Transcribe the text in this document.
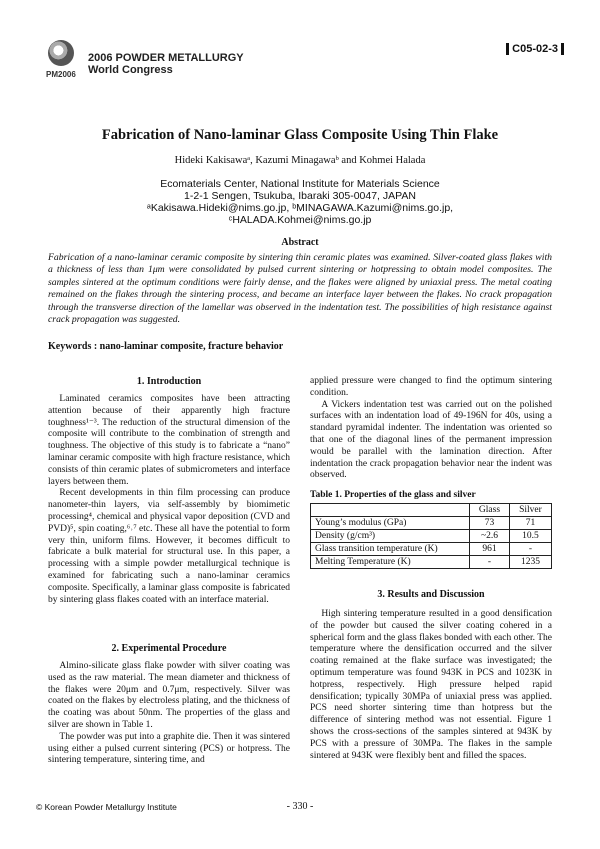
PM2006
2006 POWDER METALLURGY
World Congress
C05-02-3
Fabrication of Nano-laminar Glass Composite Using Thin Flake
Hideki Kakisawaᵃ, Kazumi Minagawaᵇ and Kohmei Halada
Ecomaterials Center, National Institute for Materials Science
1-2-1 Sengen, Tsukuba, Ibaraki 305-0047, JAPAN
ᵃKakisawa.Hideki@nims.go.jp, ᵇMINAGAWA.Kazumi@nims.go.jp,
ᶜHALADA.Kohmei@nims.go.jp
Abstract
Fabrication of a nano-laminar ceramic composite by sintering thin ceramic plates was examined. Silver-coated glass flakes with a thickness of less than 1μm were consolidated by pulsed current sintering or hotpressing to obtain model composites. The samples sintered at the optimum conditions were fairly dense, and the flakes were aligned by uniaxial press. The metal coating remained on the flakes through the sintering process, and became an interface layer between the flakes. No crack propagation through the transverse direction of the lamellar was observed in the indentation test. The possibilities of high resistance against crack propagation was suggested.
Keywords : nano-laminar composite, fracture behavior
1. Introduction

Laminated ceramics composites have been attracting attention because of their apparently high fracture toughness¹⁻³. The reduction of the structural dimension of the composite will contribute to the combination of strength and toughness. The objective of this study is to fabricate a “nano” laminar ceramic composite with high fracture resistance, which consists of thin ceramic plates of submicrometers and interface layers between them.

Recent developments in thin film processing can produce nanometer-thin layers, via self-assembly by biomimetic processing⁴, chemical and physical vapor deposition (CVD and PVD)⁵, spin coating,⁶˒⁷ etc. These all have the potential to form very thin, uniform films. However, it becomes difficult to fabricate a bulk material for structural use. In this paper, a processing with a simple powder metallurgical technique is examined for fabricating such a nano-laminar ceramics composite. Specifically, a laminar glass composite is fabricated by sintering glass flakes coated with an interface material.

2. Experimental Procedure

Almino-silicate glass flake powder with silver coating was used as the raw material. The mean diameter and thickness of the flakes were 20μm and 0.7μm, respectively. Silver was coated on the flakes by electroless plating, and the thickness of the coating was about 50nm. The properties of the glass and silver are shown in Table 1.

The powder was put into a graphite die. Then it was sintered using either a pulsed current sintering (PCS) or hotpress. The sintering temperature, sintering time, and

applied pressure were changed to find the optimum sintering condition.

A Vickers indentation test was carried out on the polished surfaces with an indentation load of 49-196N for 40s, using a standard pyramidal indenter. The indentation was oriented so that one of the diagonal lines of the permanent impression would be parallel with the lamination direction. After indentation the crack propagation behavior near the indent was observed.

Table 1. Properties of the glass and silver
	Glass	Silver
Young’s modulus (GPa)	73	71
Density (g/cm³)	~2.6	10.5
Glass transition temperature (K)	961	-
Melting Temperature (K)	-	1235
3. Results and Discussion

High sintering temperature resulted in a good densification of the powder but caused the silver coating cohered in a spherical form and the glass flakes bonded with each other. The temperature where the densification occurred and the silver coating remained at the flake surface was investigated; the optimum temperature was found 943K in PCS and 1023K in hotpress, respectively. High pressure helped rapid densification; typically 30MPa of uniaxial press was applied. PCS need shorter sintering time than hotpress but the difference of sintering method was not essential. Figure 1 shows the cross-sections of the samples sintered at 943K by PCS with a pressure of 30MPa. The flakes in the sample sintered at 943K were flexibly bent and filled the spaces.

© Korean Powder Metallurgy Institute	- 330 -
